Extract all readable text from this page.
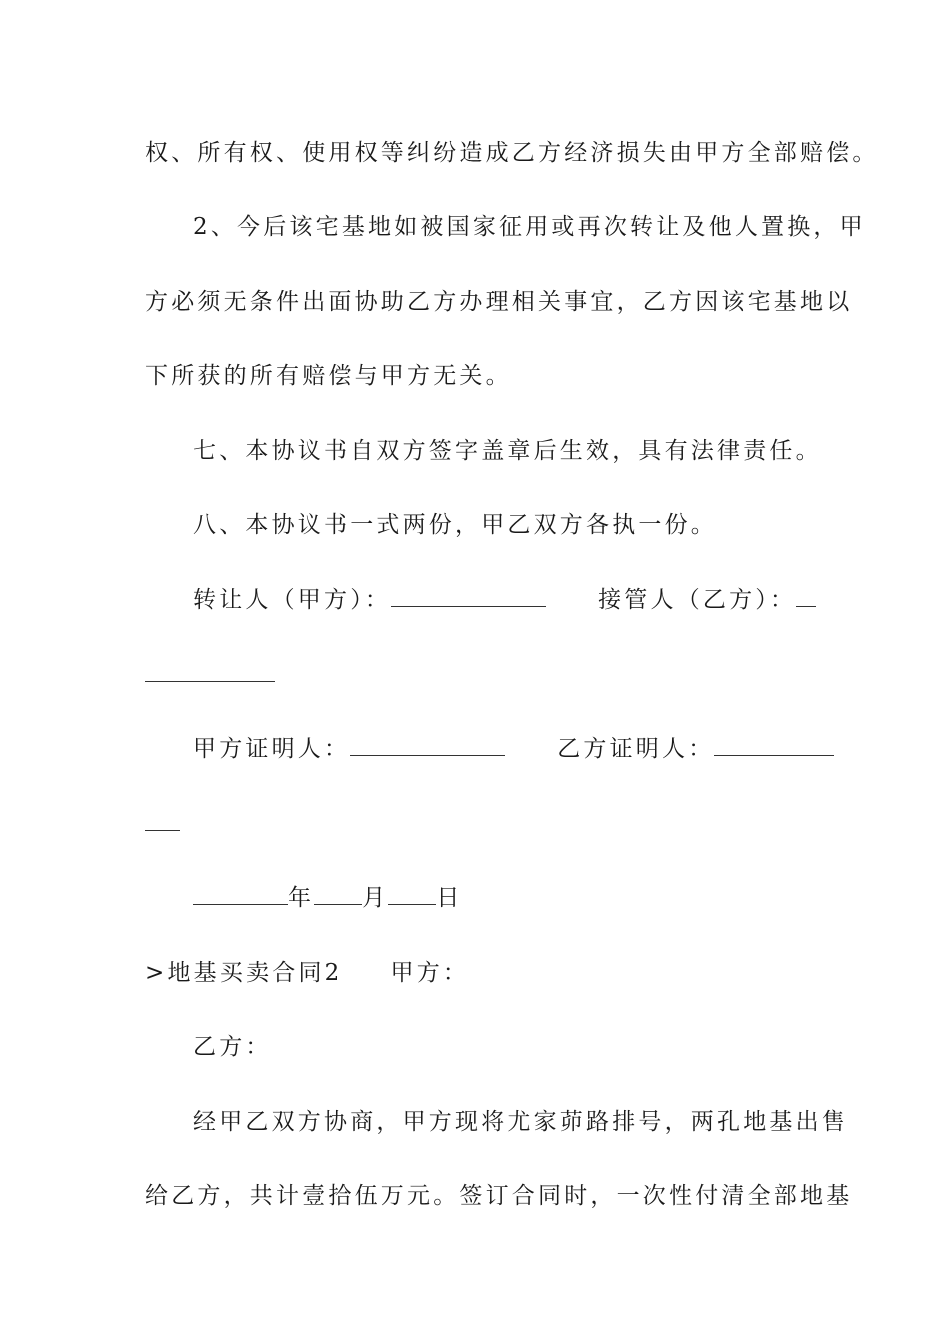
权、所有权、使用权等纠纷造成乙方经济损失由甲方全部赔偿。
2、今后该宅基地如被国家征用或再次转让及他人置换，甲
方必须无条件出面协助乙方办理相关事宜，乙方因该宅基地以
下所获的所有赔偿与甲方无关。
七、本协议书自双方签字盖章后生效，具有法律责任。
八、本协议书一式两份，甲乙双方各执一份。
转让人（甲方）：	接管人（乙方）：
甲方证明人：	乙方证明人：
年 月 日
>地基买卖合同2 甲方：
乙方：
经甲乙双方协商，甲方现将尤家茆路排号，两孔地基出售
给乙方，共计壹拾伍万元。签订合同时，一次性付清全部地基
